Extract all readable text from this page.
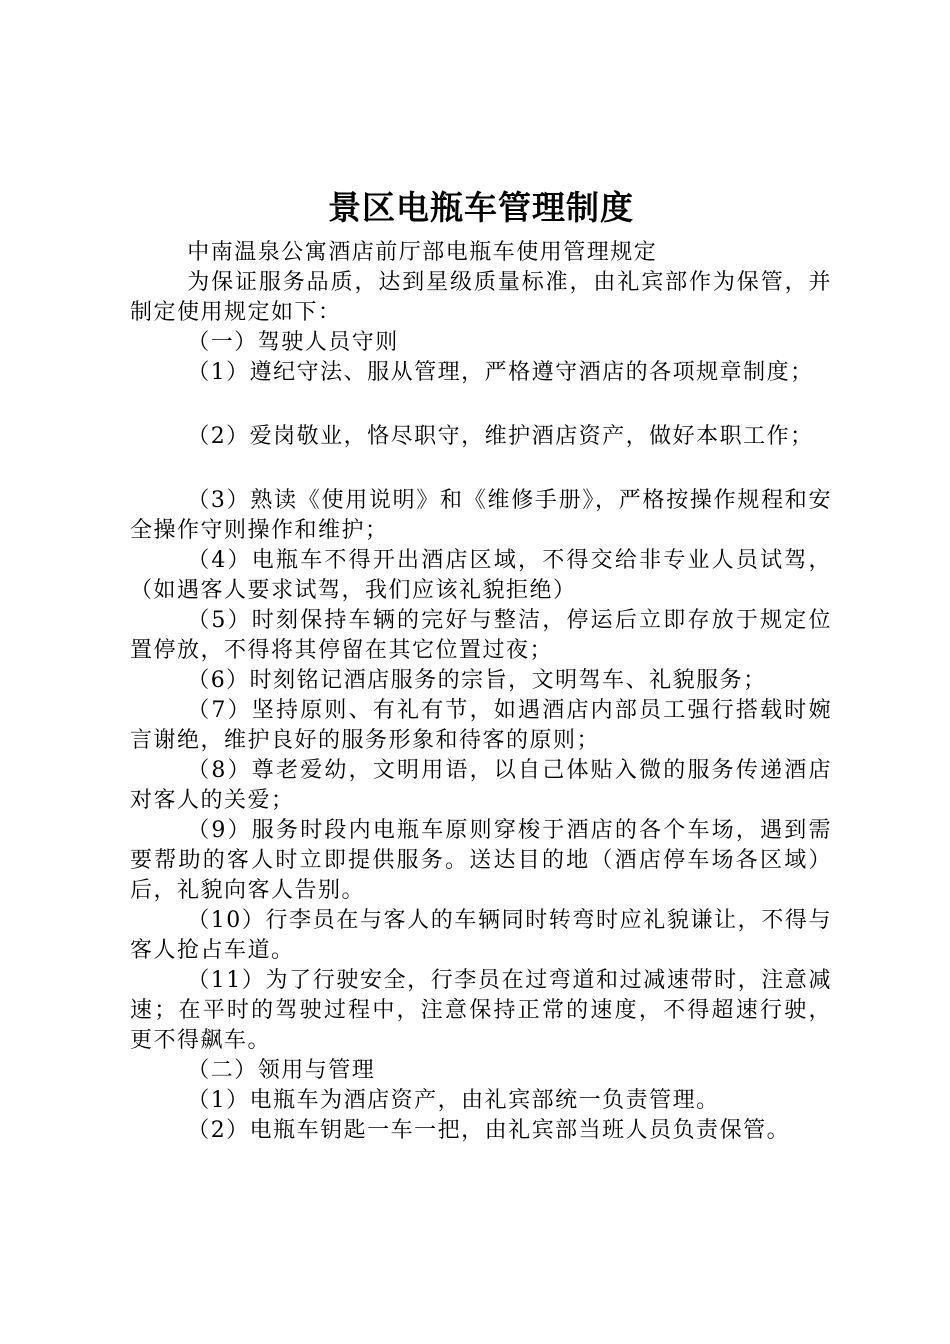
景区电瓶车管理制度

中南温泉公寓酒店前厅部电瓶车使用管理规定

为保证服务品质，达到星级质量标准，由礼宾部作为保管，并制定使用规定如下：

（一）驾驶人员守则

（1）遵纪守法、服从管理，严格遵守酒店的各项规章制度；

（2）爱岗敬业，恪尽职守，维护酒店资产，做好本职工作；

（3）熟读《使用说明》和《维修手册》，严格按操作规程和安全操作守则操作和维护；

（4）电瓶车不得开出酒店区域，不得交给非专业人员试驾，（如遇客人要求试驾，我们应该礼貌拒绝）

（5）时刻保持车辆的完好与整洁，停运后立即存放于规定位置停放，不得将其停留在其它位置过夜；

（6）时刻铭记酒店服务的宗旨，文明驾车、礼貌服务；

（7）坚持原则、有礼有节，如遇酒店内部员工强行搭载时婉言谢绝，维护良好的服务形象和待客的原则；

（8）尊老爱幼，文明用语，以自己体贴入微的服务传递酒店对客人的关爱；

（9）服务时段内电瓶车原则穿梭于酒店的各个车场，遇到需要帮助的客人时立即提供服务。送达目的地（酒店停车场各区域）后，礼貌向客人告别。

（10）行李员在与客人的车辆同时转弯时应礼貌谦让，不得与客人抢占车道。

（11）为了行驶安全，行李员在过弯道和过减速带时，注意减速；在平时的驾驶过程中，注意保持正常的速度，不得超速行驶，更不得飙车。

（二）领用与管理

（1）电瓶车为酒店资产，由礼宾部统一负责管理。

（2）电瓶车钥匙一车一把，由礼宾部当班人员负责保管。
